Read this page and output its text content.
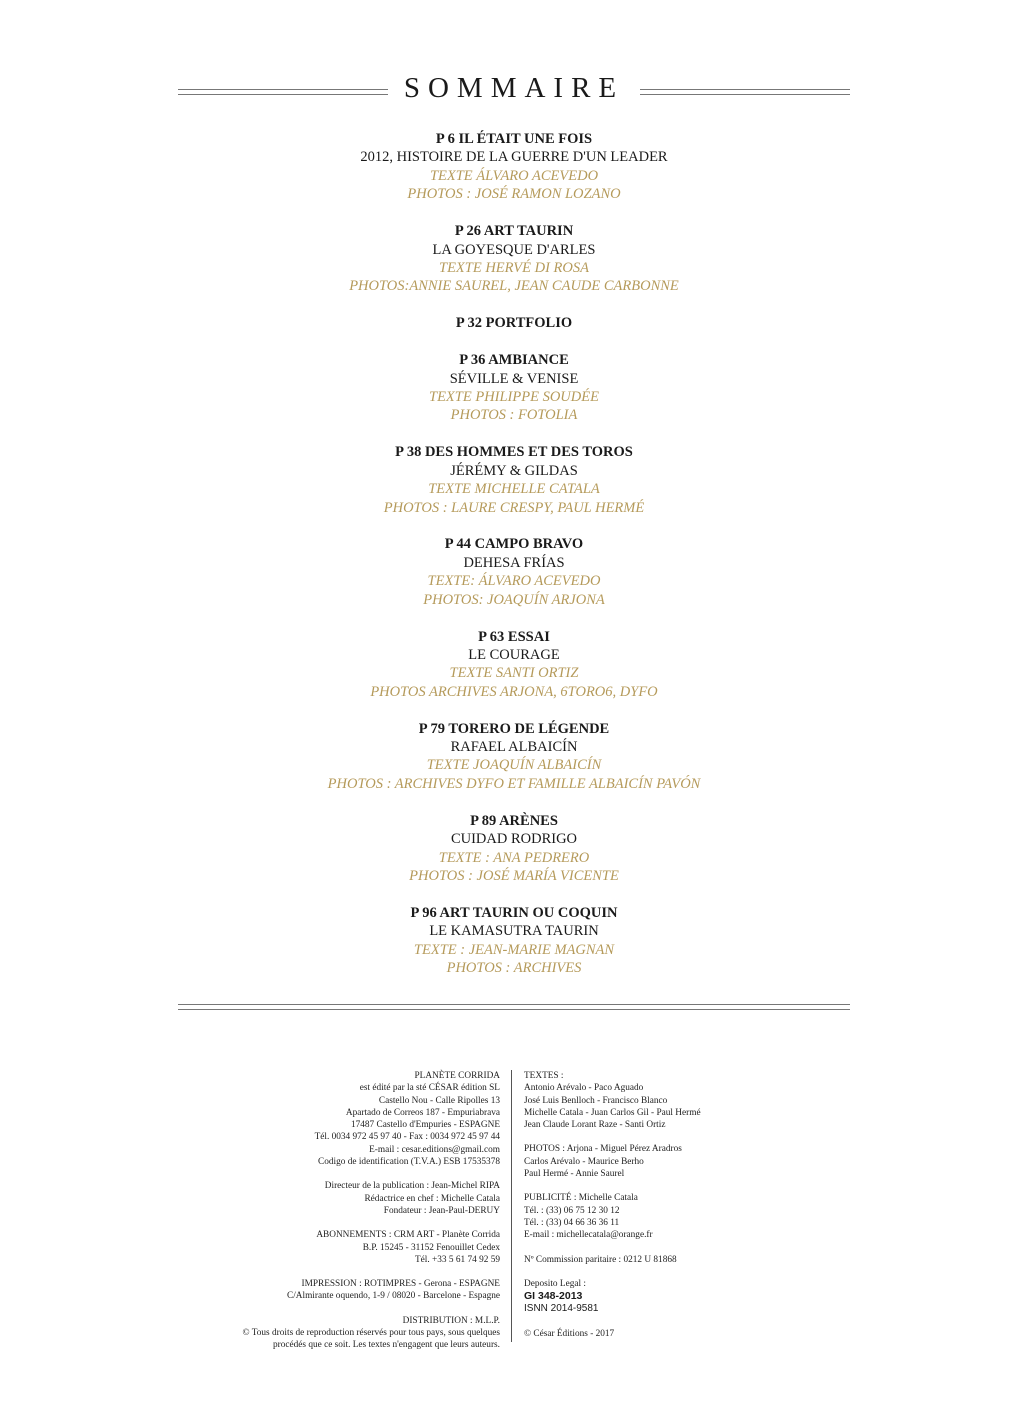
SOMMAIRE
P 6 IL ÉTAIT UNE FOIS
2012, HISTOIRE DE LA GUERRE D'UN LEADER
TEXTE ÁLVARO ACEVEDO
PHOTOS : JOSÉ RAMON LOZANO
P 26 ART TAURIN
LA GOYESQUE D'ARLES
TEXTE HERVÉ DI ROSA
PHOTOS:ANNIE SAUREL, JEAN CAUDE CARBONNE
P 32 PORTFOLIO
P 36 AMBIANCE
SÉVILLE & VENISE
TEXTE PHILIPPE SOUDÉE
PHOTOS : FOTOLIA
P 38 DES HOMMES ET DES TOROS
JÉRÉMY & GILDAS
TEXTE MICHELLE CATALA
PHOTOS : LAURE CRESPY, PAUL HERMÉ
P 44 CAMPO BRAVO
DEHESA FRÍAS
TEXTE: ÁLVARO ACEVEDO
PHOTOS: JOAQUÍN ARJONA
P 63 ESSAI
LE COURAGE
TEXTE SANTI ORTIZ
PHOTOS ARCHIVES ARJONA, 6TORO6, DYFO
P 79 TORERO DE LÉGENDE
RAFAEL ALBAICÍN
TEXTE JOAQUÍN ALBAICÍN
PHOTOS : ARCHIVES DYFO ET FAMILLE ALBAICÍN PAVÓN
P 89 ARÈNES
CUIDAD RODRIGO
TEXTE : ANA PEDRERO
PHOTOS : JOSÉ MARÍA VICENTE
P 96 ART TAURIN OU COQUIN
LE KAMASUTRA TAURIN
TEXTE : JEAN-MARIE MAGNAN
PHOTOS : ARCHIVES
PLANÈTE CORRIDA
est édité par la sté CÉSAR édition SL
Castello Nou - Calle Ripolles 13
Apartado de Correos 187 - Empuriabrava
17487 Castello d'Empuries - ESPAGNE
Tél. 0034 972 45 97 40 - Fax : 0034 972 45 97 44
E-mail : cesar.editions@gmail.com
Codigo de identification (T.V.A.) ESB 17535378
Directeur de la publication : Jean-Michel RIPA
Rédactrice en chef : Michelle Catala
Fondateur : Jean-Paul-DERUY
ABONNEMENTS : CRM ART - Planète Corrida
B.P. 15245 - 31152 Fenouillet Cedex
Tél. +33 5 61 74 92 59
IMPRESSION : ROTIMPRES - Gerona - ESPAGNE
C/Almirante oquendo, 1-9 / 08020 - Barcelone - Espagne
DISTRIBUTION : M.L.P.
© Tous droits de reproduction réservés pour tous pays, sous quelques
procédés que ce soit. Les textes n'engagent que leurs auteurs.
TEXTES :
Antonio Arévalo - Paco Aguado
José Luis Benlloch - Francisco Blanco
Michelle Catala - Juan Carlos Gil - Paul Hermé
Jean Claude Lorant Raze - Santi Ortiz
PHOTOS : Arjona - Miguel Pérez Aradros
Carlos Arévalo - Maurice Berho
Paul Hermé - Annie Saurel
PUBLICITÉ : Michelle Catala
Tél. : (33) 06 75 12 30 12
Tél. : (33) 04 66 36 36 11
E-mail : michellecatala@orange.fr
Nº Commission paritaire : 0212 U 81868
Deposito Legal :
GI 348-2013
ISNN 2014-9581
© César Éditions - 2017
